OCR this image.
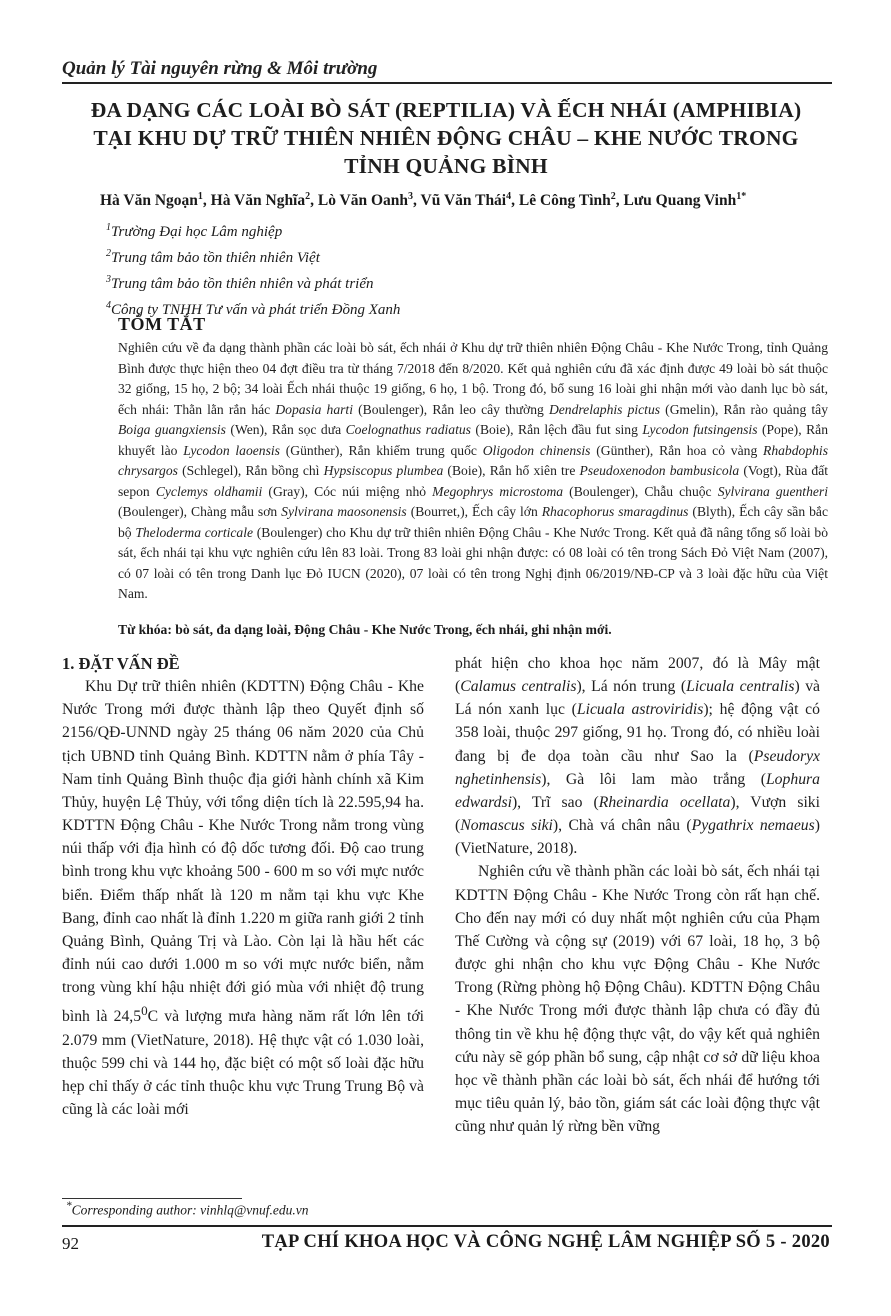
Quản lý Tài nguyên rừng & Môi trường
ĐA DẠNG CÁC LOÀI BÒ SÁT (REPTILIA) VÀ ẾCH NHÁI (AMPHIBIA)
TẠI KHU DỰ TRỮ THIÊN NHIÊN ĐỘNG CHÂU – KHE NƯỚC TRONG
TỈNH QUẢNG BÌNH
Hà Văn Ngoạn$^1$, Hà Văn Nghĩa$^2$, Lò Văn Oanh$^3$, Vũ Văn Thái$^4$, Lê Công Tình$^2$, Lưu Quang Vinh$^{1*}$
$^1$Trường Đại học Lâm nghiệp
$^2$Trung tâm bảo tồn thiên nhiên Việt
$^3$Trung tâm bảo tồn thiên nhiên và phát triển
$^4$Công ty TNHH Tư vấn và phát triển Đồng Xanh
TÓM TẮT
Nghiên cứu về đa dạng thành phần các loài bò sát, ếch nhái ở Khu dự trữ thiên nhiên Động Châu - Khe Nước Trong, tỉnh Quảng Bình được thực hiện theo 04 đợt điều tra từ tháng 7/2018 đến 8/2020. Kết quả nghiên cứu đã xác định được 49 loài bò sát thuộc 32 giống, 15 họ, 2 bộ; 34 loài Ếch nhái thuộc 19 giống, 6 họ, 1 bộ. Trong đó, bổ sung 16 loài ghi nhận mới vào danh lục bò sát, ếch nhái: Thằn lằn rắn hác Dopasia harti (Boulenger), Rắn leo cây thường Dendrelaphis pictus (Gmelin), Rắn rào quảng tây Boiga guangxiensis (Wen), Rắn sọc dưa Coelognathus radiatus (Boie), Rắn lệch đầu fut sing Lycodon futsingensis (Pope), Rắn khuyết lào Lycodon laoensis (Günther), Rắn khiếm trung quốc Oligodon chinensis (Günther), Rắn hoa cỏ vàng Rhabdophis chrysargos (Schlegel), Rắn bồng chì Hypsiscopus plumbea (Boie), Rắn hổ xiên tre Pseudoxenodon bambusicola (Vogt), Rùa đất sepon Cyclemys oldhamii (Gray), Cóc núi miệng nhỏ Megophrys microstoma (Boulenger), Chẫu chuộc Sylvirana guentheri (Boulenger), Chàng mẫu sơn Sylvirana maosonensis (Bourret,), Ếch cây lớn Rhacophorus smaragdinus (Blyth), Ếch cây sần bắc bộ Theloderma corticale (Boulenger) cho Khu dự trữ thiên nhiên Động Châu - Khe Nước Trong. Kết quả đã nâng tổng số loài bò sát, ếch nhái tại khu vực nghiên cứu lên 83 loài. Trong 83 loài ghi nhận được: có 08 loài có tên trong Sách Đỏ Việt Nam (2007), có 07 loài có tên trong Danh lục Đỏ IUCN (2020), 07 loài có tên trong Nghị định 06/2019/NĐ-CP và 3 loài đặc hữu của Việt Nam.
Từ khóa: bò sát, đa dạng loài, Động Châu - Khe Nước Trong, ếch nhái, ghi nhận mới.

1. ĐẶT VẤN ĐỀ

Khu Dự trữ thiên nhiên (KDTTN) Động Châu - Khe Nước Trong mới được thành lập theo Quyết định số 2156/QĐ-UNND ngày 25 tháng 06 năm 2020 của Chủ tịch UBND tỉnh Quảng Bình. KDTTN nằm ở phía Tây - Nam tỉnh Quảng Bình thuộc địa giới hành chính xã Kim Thủy, huyện Lệ Thủy, với tổng diện tích là 22.595,94 ha. KDTTN Động Châu - Khe Nước Trong nằm trong vùng núi thấp với địa hình có độ dốc tương đối. Độ cao trung bình trong khu vực khoảng 500 - 600 m so với mực nước biển. Điểm thấp nhất là 120 m nằm tại khu vực Khe Bang, đỉnh cao nhất là đỉnh 1.220 m giữa ranh giới 2 tỉnh Quảng Bình, Quảng Trị và Lào. Còn lại là hầu hết các đỉnh núi cao dưới 1.000 m so với mực nước biển, nằm trong vùng khí hậu nhiệt đới gió mùa với nhiệt độ trung bình là 24,5$^0$C và lượng mưa hàng năm rất lớn lên tới 2.079 mm (VietNature, 2018). Hệ thực vật có 1.030 loài, thuộc 599 chi và 144 họ, đặc biệt có một số loài đặc hữu hẹp chỉ thấy ở các tỉnh thuộc khu vực Trung Trung Bộ và cũng là các loài mới

phát hiện cho khoa học năm 2007, đó là Mây mật (Calamus centralis), Lá nón trung (Licuala centralis) và Lá nón xanh lục (Licuala astroviridis); hệ động vật có 358 loài, thuộc 297 giống, 91 họ. Trong đó, có nhiều loài đang bị đe dọa toàn cầu như Sao la (Pseudoryx nghetinhensis), Gà lôi lam mào trắng (Lophura edwardsi), Trĩ sao (Rheinardia ocellata), Vượn siki (Nomascus siki), Chà vá chân nâu (Pygathrix nemaeus) (VietNature, 2018).

Nghiên cứu về thành phần các loài bò sát, ếch nhái tại KDTTN Động Châu - Khe Nước Trong còn rất hạn chế. Cho đến nay mới có duy nhất một nghiên cứu của Phạm Thế Cường và cộng sự (2019) với 67 loài, 18 họ, 3 bộ được ghi nhận cho khu vực Động Châu - Khe Nước Trong (Rừng phòng hộ Động Châu). KDTTN Động Châu - Khe Nước Trong mới được thành lập chưa có đầy đủ thông tin về khu hệ động thực vật, do vậy kết quả nghiên cứu này sẽ góp phần bổ sung, cập nhật cơ sở dữ liệu khoa học về thành phần các loài bò sát, ếch nhái để hướng tới mục tiêu quản lý, bảo tồn, giám sát các loài động thực vật cũng như quản lý rừng bền vững

*Corresponding author: vinhlq@vnuf.edu.vn
92	TẠP CHÍ KHOA HỌC VÀ CÔNG NGHỆ LÂM NGHIỆP SỐ 5 - 2020
